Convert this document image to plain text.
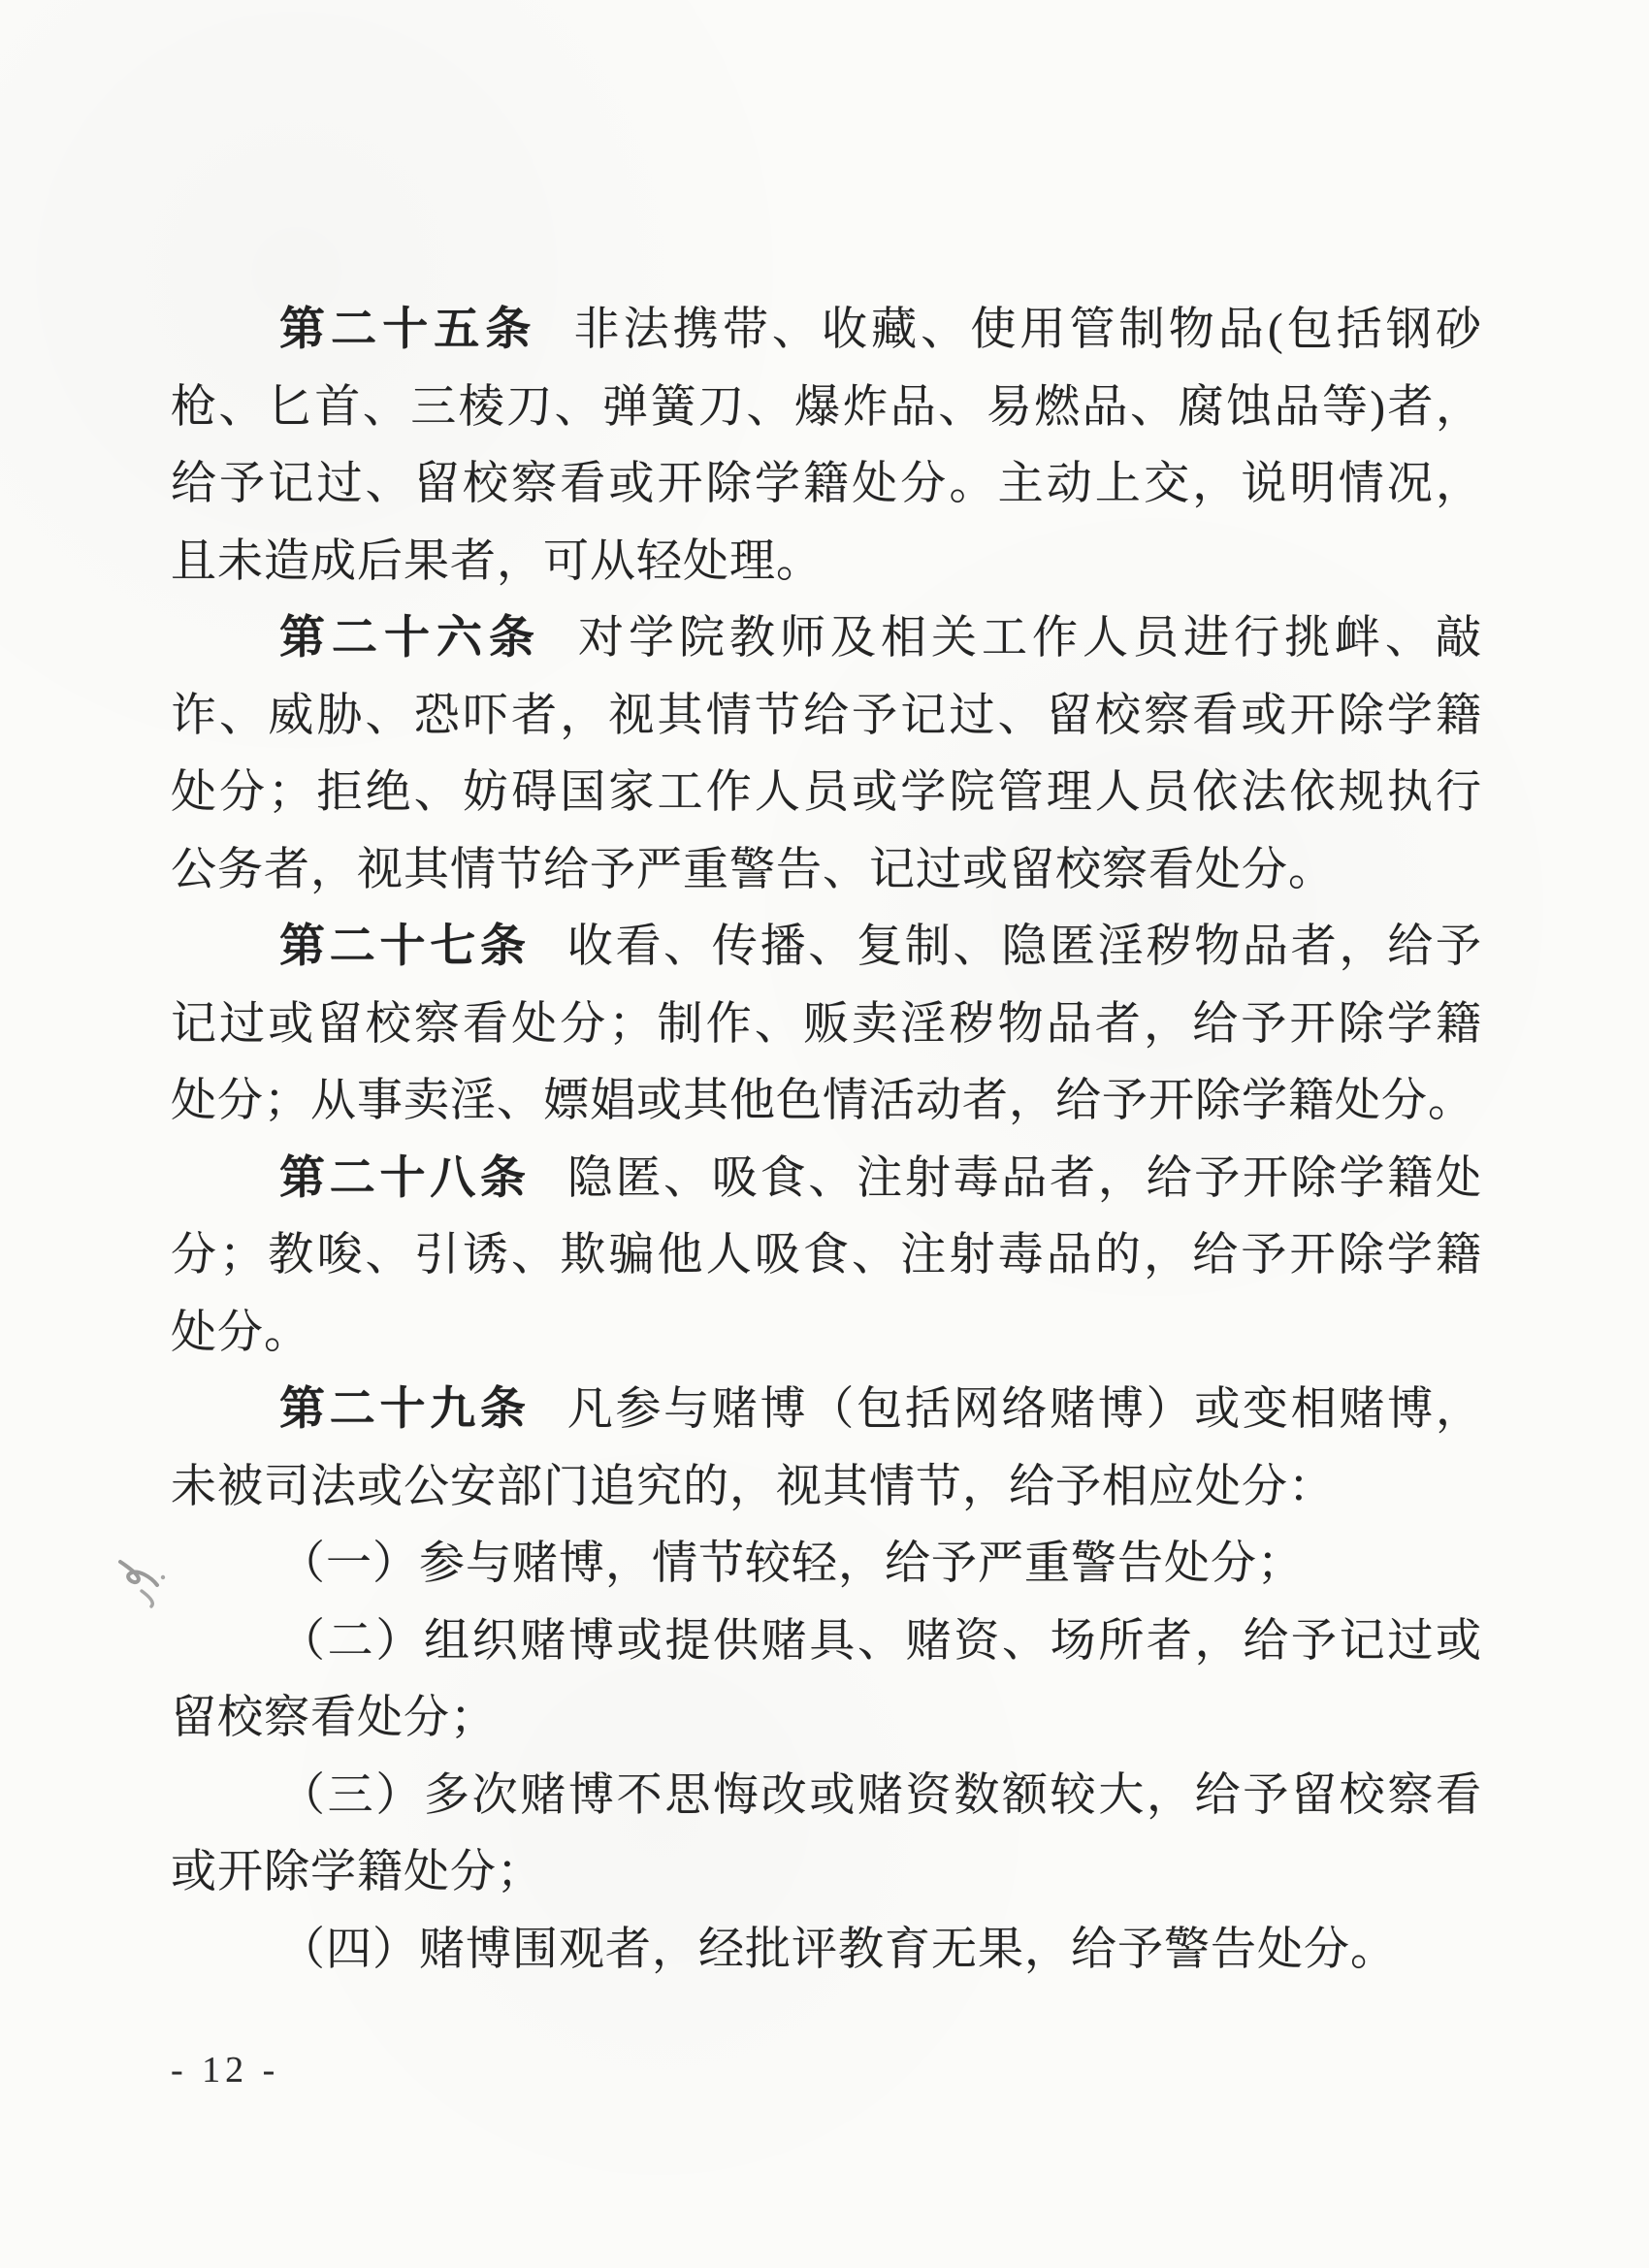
第二十五条 非法携带、收藏、使用管制物品(包括钢砂
枪、匕首、三棱刀、弹簧刀、爆炸品、易燃品、腐蚀品等)者，
给予记过、留校察看或开除学籍处分。主动上交，说明情况，
且未造成后果者，可从轻处理。
第二十六条 对学院教师及相关工作人员进行挑衅、敲
诈、威胁、恐吓者，视其情节给予记过、留校察看或开除学籍
处分；拒绝、妨碍国家工作人员或学院管理人员依法依规执行
公务者，视其情节给予严重警告、记过或留校察看处分。
第二十七条 收看、传播、复制、隐匿淫秽物品者，给予
记过或留校察看处分；制作、贩卖淫秽物品者，给予开除学籍
处分；从事卖淫、嫖娼或其他色情活动者，给予开除学籍处分。
第二十八条 隐匿、吸食、注射毒品者，给予开除学籍处
分；教唆、引诱、欺骗他人吸食、注射毒品的，给予开除学籍
处分。
第二十九条 凡参与赌博（包括网络赌博）或变相赌博，
未被司法或公安部门追究的，视其情节，给予相应处分：
（一）参与赌博，情节较轻，给予严重警告处分；
（二）组织赌博或提供赌具、赌资、场所者，给予记过或
留校察看处分；
（三）多次赌博不思悔改或赌资数额较大，给予留校察看
或开除学籍处分；
（四）赌博围观者，经批评教育无果，给予警告处分。
- 12 -
